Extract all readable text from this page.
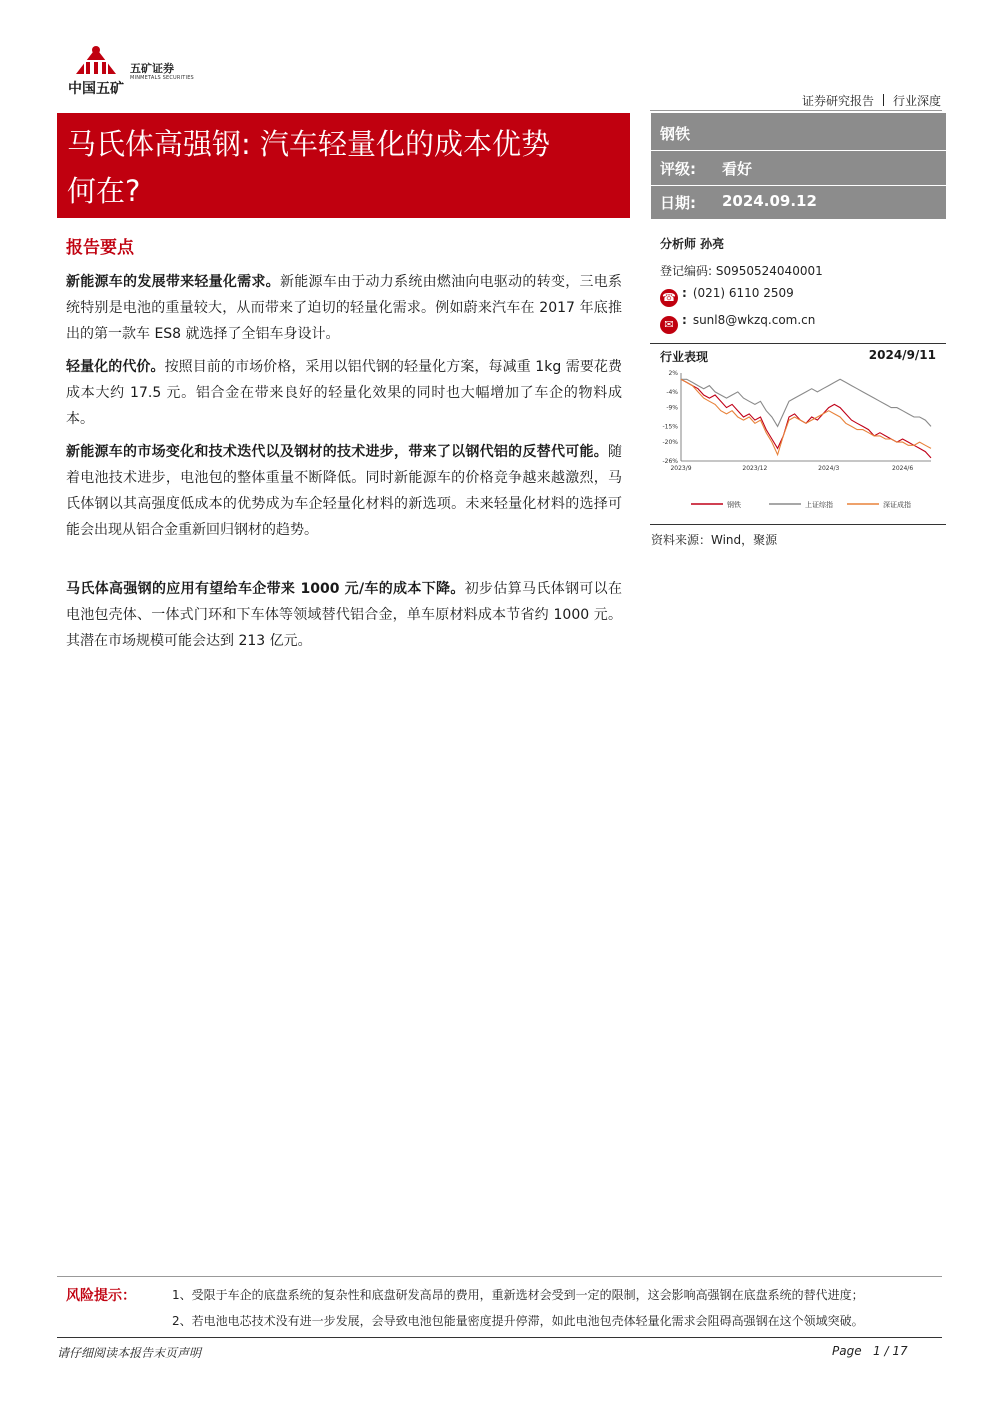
中国五矿
五矿证券
MINMETALS SECURITIES
证券研究报告 行业深度
马氏体高强钢: 汽车轻量化的成本优势
何在?
钢铁
评级: 看好
日期: 2024.09.12
报告要点
新能源车的发展带来轻量化需求。新能源车由于动力系统由燃油向电驱动的转变，三电系统特别是电池的重量较大，从而带来了迫切的轻量化需求。例如蔚来汽车在 2017 年底推出的第一款车 ES8 就选择了全铝车身设计。
轻量化的代价。按照目前的市场价格，采用以铝代钢的轻量化方案，每减重 1kg 需要花费成本大约 17.5 元。铝合金在带来良好的轻量化效果的同时也大幅增加了车企的物料成本。
新能源车的市场变化和技术迭代以及钢材的技术进步，带来了以钢代铝的反替代可能。随着电池技术进步，电池包的整体重量不断降低。同时新能源车的价格竞争越来越激烈，马氏体钢以其高强度低成本的优势成为车企轻量化材料的新选项。未来轻量化材料的选择可能会出现从铝合金重新回归钢材的趋势。
马氏体高强钢的应用有望给车企带来 1000 元/车的成本下降。初步估算马氏体钢可以在电池包壳体、一体式门环和下车体等领域替代铝合金，单车原材料成本节省约 1000 元。其潜在市场规模可能会达到 213 亿元。
分析师 孙亮
登记编码: S0950524040001
☎ : (021) 6110 2509
✉ : sunl8@wkzq.com.cn
行业表现	2024/9/11
2%
-4%
-9%
-15%
-20%
-26%
2023/9	2023/12	2024/3	2024/6
钢铁	上证综指	深证成指
资料来源：Wind，聚源
风险提示：	1、受限于车企的底盘系统的复杂性和底盘研发高昂的费用，重新选材会受到一定的限制，这会影响高强钢在底盘系统的替代进度；
2、若电池电芯技术没有进一步发展，会导致电池包能量密度提升停滞，如此电池包壳体轻量化需求会阻碍高强钢在这个领域突破。
请仔细阅读本报告末页声明	Page 1 / 17
